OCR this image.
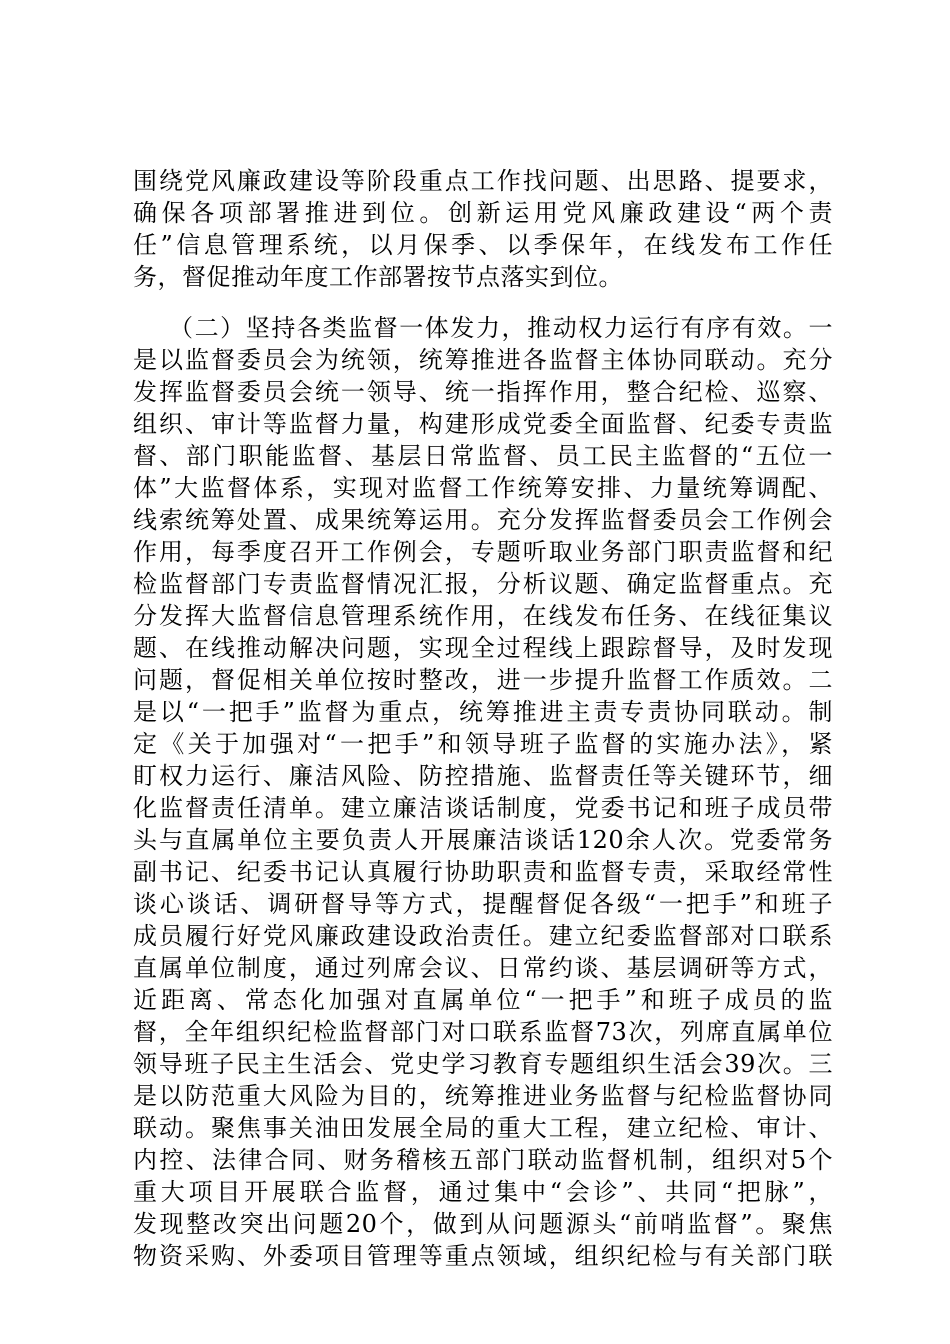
围绕党风廉政建设等阶段重点工作找问题、出思路、提要求，
确保各项部署推进到位。创新运用党风廉政建设“两个责
任”信息管理系统，以月保季、以季保年，在线发布工作任
务，督促推动年度工作部署按节点落实到位。
（二）坚持各类监督一体发力，推动权力运行有序有效。一
是以监督委员会为统领，统筹推进各监督主体协同联动。充分
发挥监督委员会统一领导、统一指挥作用，整合纪检、巡察、
组织、审计等监督力量，构建形成党委全面监督、纪委专责监
督、部门职能监督、基层日常监督、员工民主监督的“五位一
体”大监督体系，实现对监督工作统筹安排、力量统筹调配、
线索统筹处置、成果统筹运用。充分发挥监督委员会工作例会
作用，每季度召开工作例会，专题听取业务部门职责监督和纪
检监督部门专责监督情况汇报，分析议题、确定监督重点。充
分发挥大监督信息管理系统作用，在线发布任务、在线征集议
题、在线推动解决问题，实现全过程线上跟踪督导，及时发现
问题，督促相关单位按时整改，进一步提升监督工作质效。二
是以“一把手”监督为重点，统筹推进主责专责协同联动。制
定《关于加强对“一把手”和领导班子监督的实施办法》，紧
盯权力运行、廉洁风险、防控措施、监督责任等关键环节，细
化监督责任清单。建立廉洁谈话制度，党委书记和班子成员带
头与直属单位主要负责人开展廉洁谈话120余人次。党委常务
副书记、纪委书记认真履行协助职责和监督专责，采取经常性
谈心谈话、调研督导等方式，提醒督促各级“一把手”和班子
成员履行好党风廉政建设政治责任。建立纪委监督部对口联系
直属单位制度，通过列席会议、日常约谈、基层调研等方式，
近距离、常态化加强对直属单位“一把手”和班子成员的监
督，全年组织纪检监督部门对口联系监督73次，列席直属单位
领导班子民主生活会、党史学习教育专题组织生活会39次。三
是以防范重大风险为目的，统筹推进业务监督与纪检监督协同
联动。聚焦事关油田发展全局的重大工程，建立纪检、审计、
内控、法律合同、财务稽核五部门联动监督机制，组织对5个
重大项目开展联合监督，通过集中“会诊”、共同“把脉”，
发现整改突出问题20个，做到从问题源头“前哨监督”。聚焦
物资采购、外委项目管理等重点领域，组织纪检与有关部门联
